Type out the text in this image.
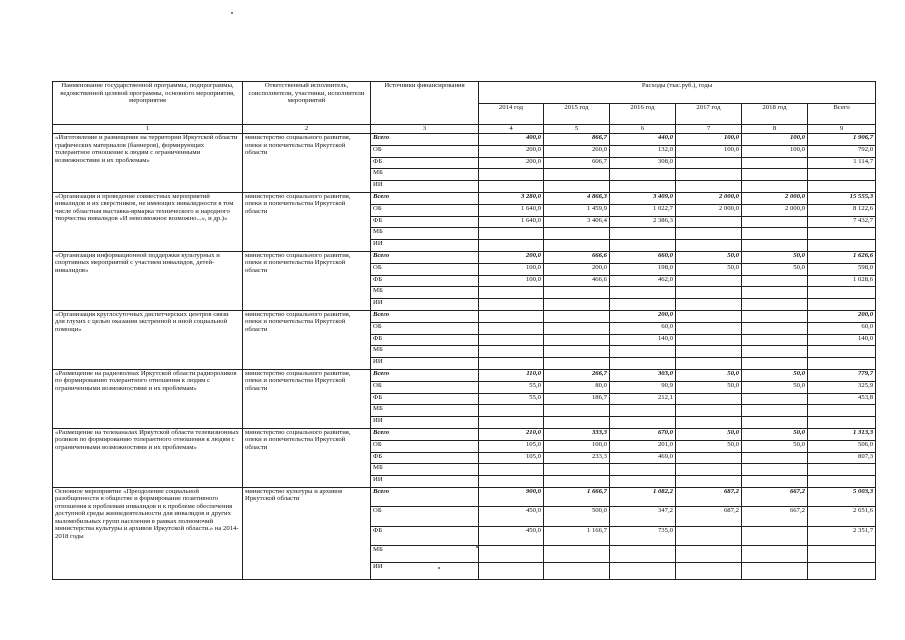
Наименование государственной программы, подпрограммы, ведомственной целевой программы, основного мероприятия, мероприятия	Ответственный исполнитель, соисполнители, участники, исполнители мероприятий	Источники финансирования	Расходы (тыс.руб.), годы					
			2014 год	2015 год	2016 год	2017 год	2018 год	Всего
1	2	3	4	5	6	7	8	9
«Изготовление и размещение на территории Иркутской области графических материалов (баннеров), формирующих толерантное отношение к людям с ограниченными возможностями и их проблемам»	министерство социального развития, опеки и попечительства Иркутской области	Всего	400,0	866,7	440,0	100,0	100,0	1 906,7
		ОБ	200,0	260,0	132,0	100,0	100,0	792,0
		ФБ	200,0	606,7	308,0			1 114,7
		МБ						
		ИИ						
«Организация и проведение совместных мероприятий инвалидов и их сверстников, не имеющих инвалидности в том числе областная выставка-ярмарка технического и народного творчества инвалидов «И невозможное возможно...», и др.)»	министерство социального развития, опеки и попечительства Иркутской области	Всего	3 280,0	4 866,3	3 409,0	2 000,0	2 000,0	15 555,3
		ОБ	1 640,0	1 459,9	1 022,7	2 000,0	2 000,0	8 122,6
		ФБ	1 640,0	3 406,4	2 386,3			7 432,7
		МБ						
		ИИ						
«Организация информационной поддержки культурных и спортивных мероприятий с участием инвалидов, детей-инвалидов»	министерство социального развития, опеки и попечительства Иркутской области	Всего	200,0	666,6	660,0	50,0	50,0	1 626,6
		ОБ	100,0	200,0	198,0	50,0	50,0	598,0
		ФБ	100,0	466,6	462,0			1 028,6
		МБ						
		ИИ						
«Организация круглосуточных диспетчерских центров связи для глухих с целью оказания экстренной и иной социальной помощи»	министерство социального развития, опеки и попечительства Иркутской области	Всего			200,0			200,0
		ОБ			60,0			60,0
		ФБ			140,0			140,0
		МБ						
		ИИ						
«Размещение на радиоволнах Иркутской области радиороликов по формированию толерантного отношения к людям с ограниченными возможностями и их проблемам»	министерство социального развития, опеки и попечительства Иркутской области	Всего	110,0	266,7	303,0	50,0	50,0	779,7
		ОБ	55,0	80,0	90,9	50,0	50,0	325,9
		ФБ	55,0	186,7	212,1			453,8
		МБ						
		ИИ						
«Размещение на телеканалах Иркутской области телевизионных роликов по формированию толерантного отношения к людям с ограниченными возможностями и их проблемам»	министерство социального развития, опеки и попечительства Иркутской области	Всего	210,0	333,3	670,0	50,0	50,0	1 313,3
		ОБ	105,0	100,0	201,0	50,0	50,0	506,0
		ФБ	105,0	233,3	469,0			807,3
		МБ						
		ИИ						
Основное мероприятие «Преодоление социальной разобщенности в обществе и формирование позитивного отношения к проблемам инвалидов и к проблеме обеспечения доступной среды жизнедеятельности для инвалидов и других маломобильных групп населения в рамках полномочий министерства культуры и архивов Иркутской области.» на 2014-2018 годы	министерство культуры и архивов Иркутской области	Всего	900,0	1 666,7	1 082,2	687,2	667,2	5 003,3
		ОБ	450,0	500,0	347,2	687,2	667,2	2 651,6
		ФБ	450,0	1 166,7	735,0			2 351,7
		МБ						
		ИИ						
